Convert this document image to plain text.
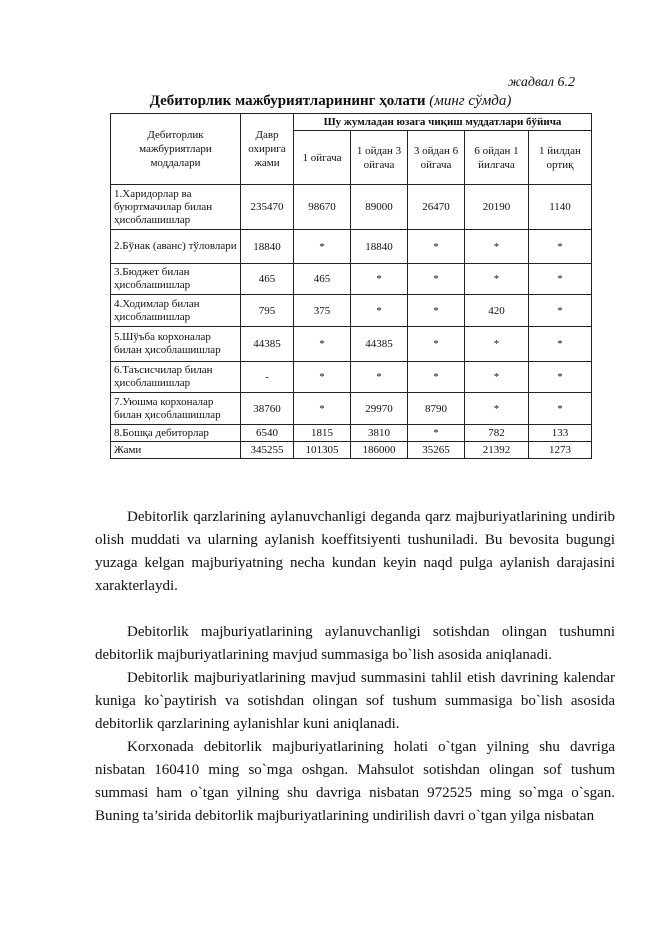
жадвал 6.2
Дебиторлик мажбуриятларининг ҳолати (минг сўмда)
Дебиторлик мажбуриятлари моддалари	Давр охирига жами	Шу жумладан юзага чиқиш муддатлари бўйича				
		1 ойгача	1 ойдан 3 ойгача	3 ойдан 6 ойгача	6 ойдан 1 йилгача	1 йилдан ортиқ
1.Харидорлар ва буюртмачилар билан ҳисоблашишлар	235470	98670	89000	26470	20190	1140
2.Бўнак (аванс) тўловлари	18840	*	18840	*	*	*
3.Бюджет билан ҳисоблашишлар	465	465	*	*	*	*
4.Ходимлар билан ҳисоблашишлар	795	375	*	*	420	*
5.Шўъба корхоналар билан ҳисоблашишлар	44385	*	44385	*	*	*
6.Таъсисчилар билан ҳисоблашишлар	-	*	*	*	*	*
7.Уюшма корхоналар билан ҳисоблашишлар	38760	*	29970	8790	*	*
8.Бошқа дебиторлар	6540	1815	3810	*	782	133
Жами	345255	101305	186000	35265	21392	1273

Debitorlik qarzlarining aylanuvchanligi deganda qarz majburiyatlarining undirib olish muddati va ularning aylanish koeffitsiyenti tushuniladi. Bu bevosita bugungi yuzaga kelgan majburiyatning necha kundan keyin naqd pulga aylanish darajasini xarakterlaydi.

Debitorlik majburiyatlarining aylanuvchanligi sotishdan olingan tushumni debitorlik majburiyatlarining mavjud summasiga bo`lish asosida aniqlanadi.

Debitorlik majburiyatlarining mavjud summasini tahlil etish davrining kalendar kuniga ko`paytirish va sotishdan olingan sof tushum summasiga bo`lish asosida debitorlik qarzlarining aylanishlar kuni aniqlanadi.

Korxonada debitorlik majburiyatlarining holati o`tgan yilning shu davriga nisbatan 160410 ming so`mga oshgan. Mahsulot sotishdan olingan sof tushum summasi ham o`tgan yilning shu davriga nisbatan 972525 ming so`mga o`sgan. Buning ta’sirida debitorlik majburiyatlarining undirilish davri o`tgan yilga nisbatan
